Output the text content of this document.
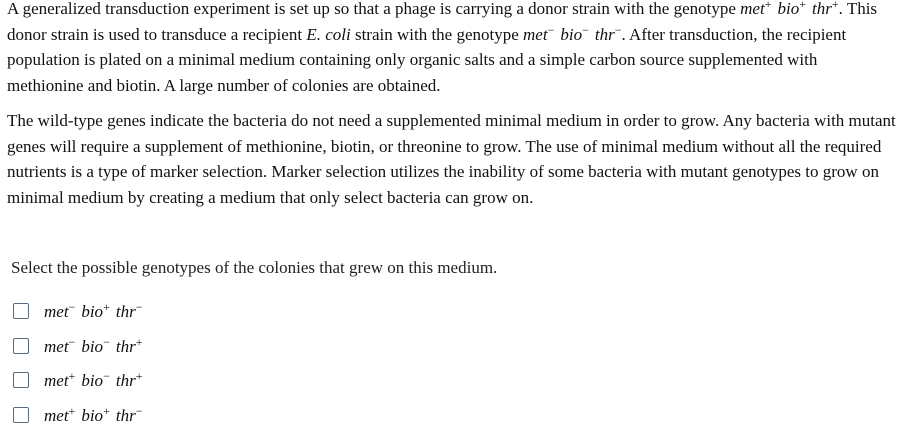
A generalized transduction experiment is set up so that a phage is carrying a donor strain with the genotype met+ bio+ thr+. This donor strain is used to transduce a recipient E. coli strain with the genotype met− bio− thr−. After transduction, the recipient population is plated on a minimal medium containing only organic salts and a simple carbon source supplemented with methionine and biotin. A large number of colonies are obtained.

The wild-type genes indicate the bacteria do not need a supplemented minimal medium in order to grow. Any bacteria with mutant genes will require a supplement of methionine, biotin, or threonine to grow. The use of minimal medium without all the required nutrients is a type of marker selection. Marker selection utilizes the inability of some bacteria with mutant genotypes to grow on minimal medium by creating a medium that only select bacteria can grow on.

Select the possible genotypes of the colonies that grew on this medium.
met− bio+ thr−
met− bio− thr+
met+ bio− thr+
met+ bio+ thr−
